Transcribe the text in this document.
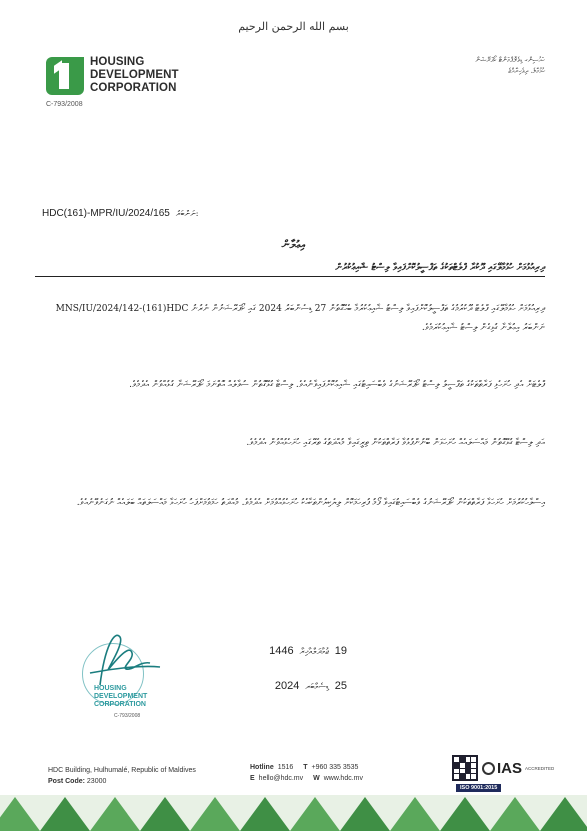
بسم الله الرحمن الرحيم
HOUSING
DEVELOPMENT
CORPORATION
C-793/2008
ހައުސިންގ ޑިވެލޮޕްމަންޓް ކޯޕަރޭޝަން
ހުޅުމާލެ، ދިވެހިރާއްޖެ
HDC(161)-MPR/IU/2024/165 ނަންބަރު:
އިޢުލާން
ދިރިއުޅުމަށް ހުޅުމާލޭގައި ދޫކުރާ ފްލެޓްތަކުގެ ތަފްސީލުކޮށްފައިވާ ލިސްޓު ޝާއިޢުކުރުން

ދިރިއުޅުމަށް ހުޅުމާލޭގައި ފްލެޓް ދޫކުރުމުގެ ތަފްސީލުކޮށްފައިވާ ލިސްޓު ޝާއިޢުކުރުމާ ބެހޭގޮތުން 27 ޑިސެންބަރު 2024 ގައި ކޯޕަރޭޝަނުން ނެރުނު MNS/IU/2024/142-(161)HDC ނަންބަރު އިޢުލާނާ ގުޅިގެން ލިސްޓު ޝާއިޢުކުރަމެވެ.

ފްލެޓަށް އެދި ހުށަހެޅި ފަރާތްތަކުގެ ތަފްސީލު ލިސްޓު ކޯޕަރޭޝަނުގެ ވެބްސައިޓުގައި ޝާއިޢުކޮށްފައިވާނެއެވެ. ލިސްޓާ ގުޅޭގޮތުން ސުވާލެއް އޮތްނަމަ ކޯޕަރޭޝަނާ ގުޅުއްވުން އެދެމެވެ.

އަދި ލިސްޓާ ގުޅޭގޮތުން މައްސަލައެއް ހުށަހަޅަން ބޭނުންފުޅުވާ ފަރާތްތަކުން ތިރީގައިވާ މުއްދަތުގެ ތެރޭގައި ހުށަހެޅުއްވުން އެދެމެވެ.

އިސްލާހުކުރުމަށް ހުށަހަޅާ ފަރާތްތަކުން ކޯޕަރޭޝަނުގެ ވެބްސައިޓުގައިވާ ފޯމު ފުރިހަމަކޮށް ލިޔެކިޔުންތަކާއެކު ހުށަހެޅުއްވުމަށް އެދެމެވެ. މުއްދަތު ހަމަވުމަށްފަހު ހުށަހަޅާ މައްސަލަތައް ބަލައެއް ނުގަނެވޭނެއެވެ.

HOUSING
DEVELOPMENT
CORPORATION
C-793/2008
1446 ޖުމާދަލްއާޚިރާ 19
2024 ޑިސެމްބަރ 25
HDC Building, Hulhumalé, Republic of Maldives
Post Code: 23000
Hotline 1516 T +960 335 3535
E hello@hdc.mv W www.hdc.mv
IAS ACCREDITED
ISO 9001:2015
